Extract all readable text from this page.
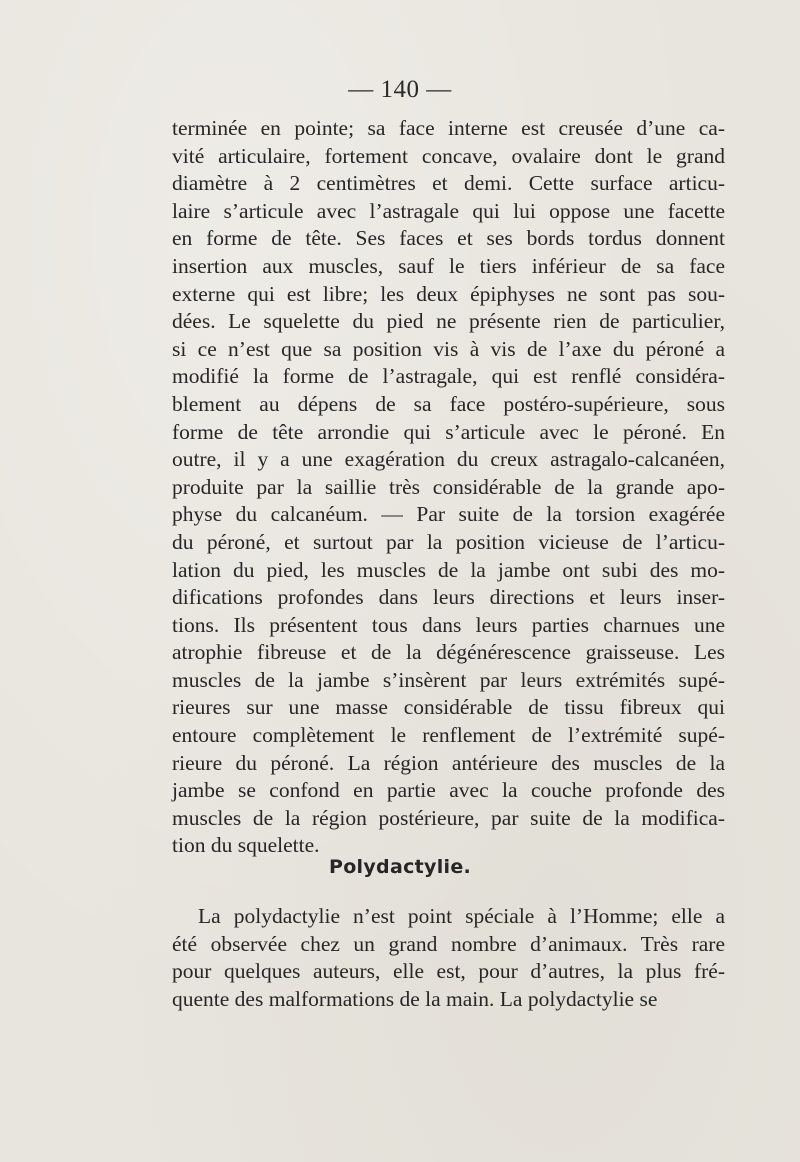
— 140 —
terminée en pointe; sa face interne est creusée d’une ca-
vité articulaire, fortement concave, ovalaire dont le grand
diamètre à 2 centimètres et demi. Cette surface articu-
laire s’articule avec l’astragale qui lui oppose une facette
en forme de tête. Ses faces et ses bords tordus donnent
insertion aux muscles, sauf le tiers inférieur de sa face
externe qui est libre; les deux épiphyses ne sont pas sou-
dées. Le squelette du pied ne présente rien de particulier,
si ce n’est que sa position vis à vis de l’axe du péroné a
modifié la forme de l’astragale, qui est renflé considéra-
blement au dépens de sa face postéro-supérieure, sous
forme de tête arrondie qui s’articule avec le péroné. En
outre, il y a une exagération du creux astragalo-calcanéen,
produite par la saillie très considérable de la grande apo-
physe du calcanéum. — Par suite de la torsion exagérée
du péroné, et surtout par la position vicieuse de l’articu-
lation du pied, les muscles de la jambe ont subi des mo-
difications profondes dans leurs directions et leurs inser-
tions. Ils présentent tous dans leurs parties charnues une
atrophie fibreuse et de la dégénérescence graisseuse. Les
muscles de la jambe s’insèrent par leurs extrémités supé-
rieures sur une masse considérable de tissu fibreux qui
entoure complètement le renflement de l’extrémité supé-
rieure du péroné. La région antérieure des muscles de la
jambe se confond en partie avec la couche profonde des
muscles de la région postérieure, par suite de la modifica-
tion du squelette.
Polydactylie.
La polydactylie n’est point spéciale à l’Homme; elle a
été observée chez un grand nombre d’animaux. Très rare
pour quelques auteurs, elle est, pour d’autres, la plus fré-
quente des malformations de la main. La polydactylie se
